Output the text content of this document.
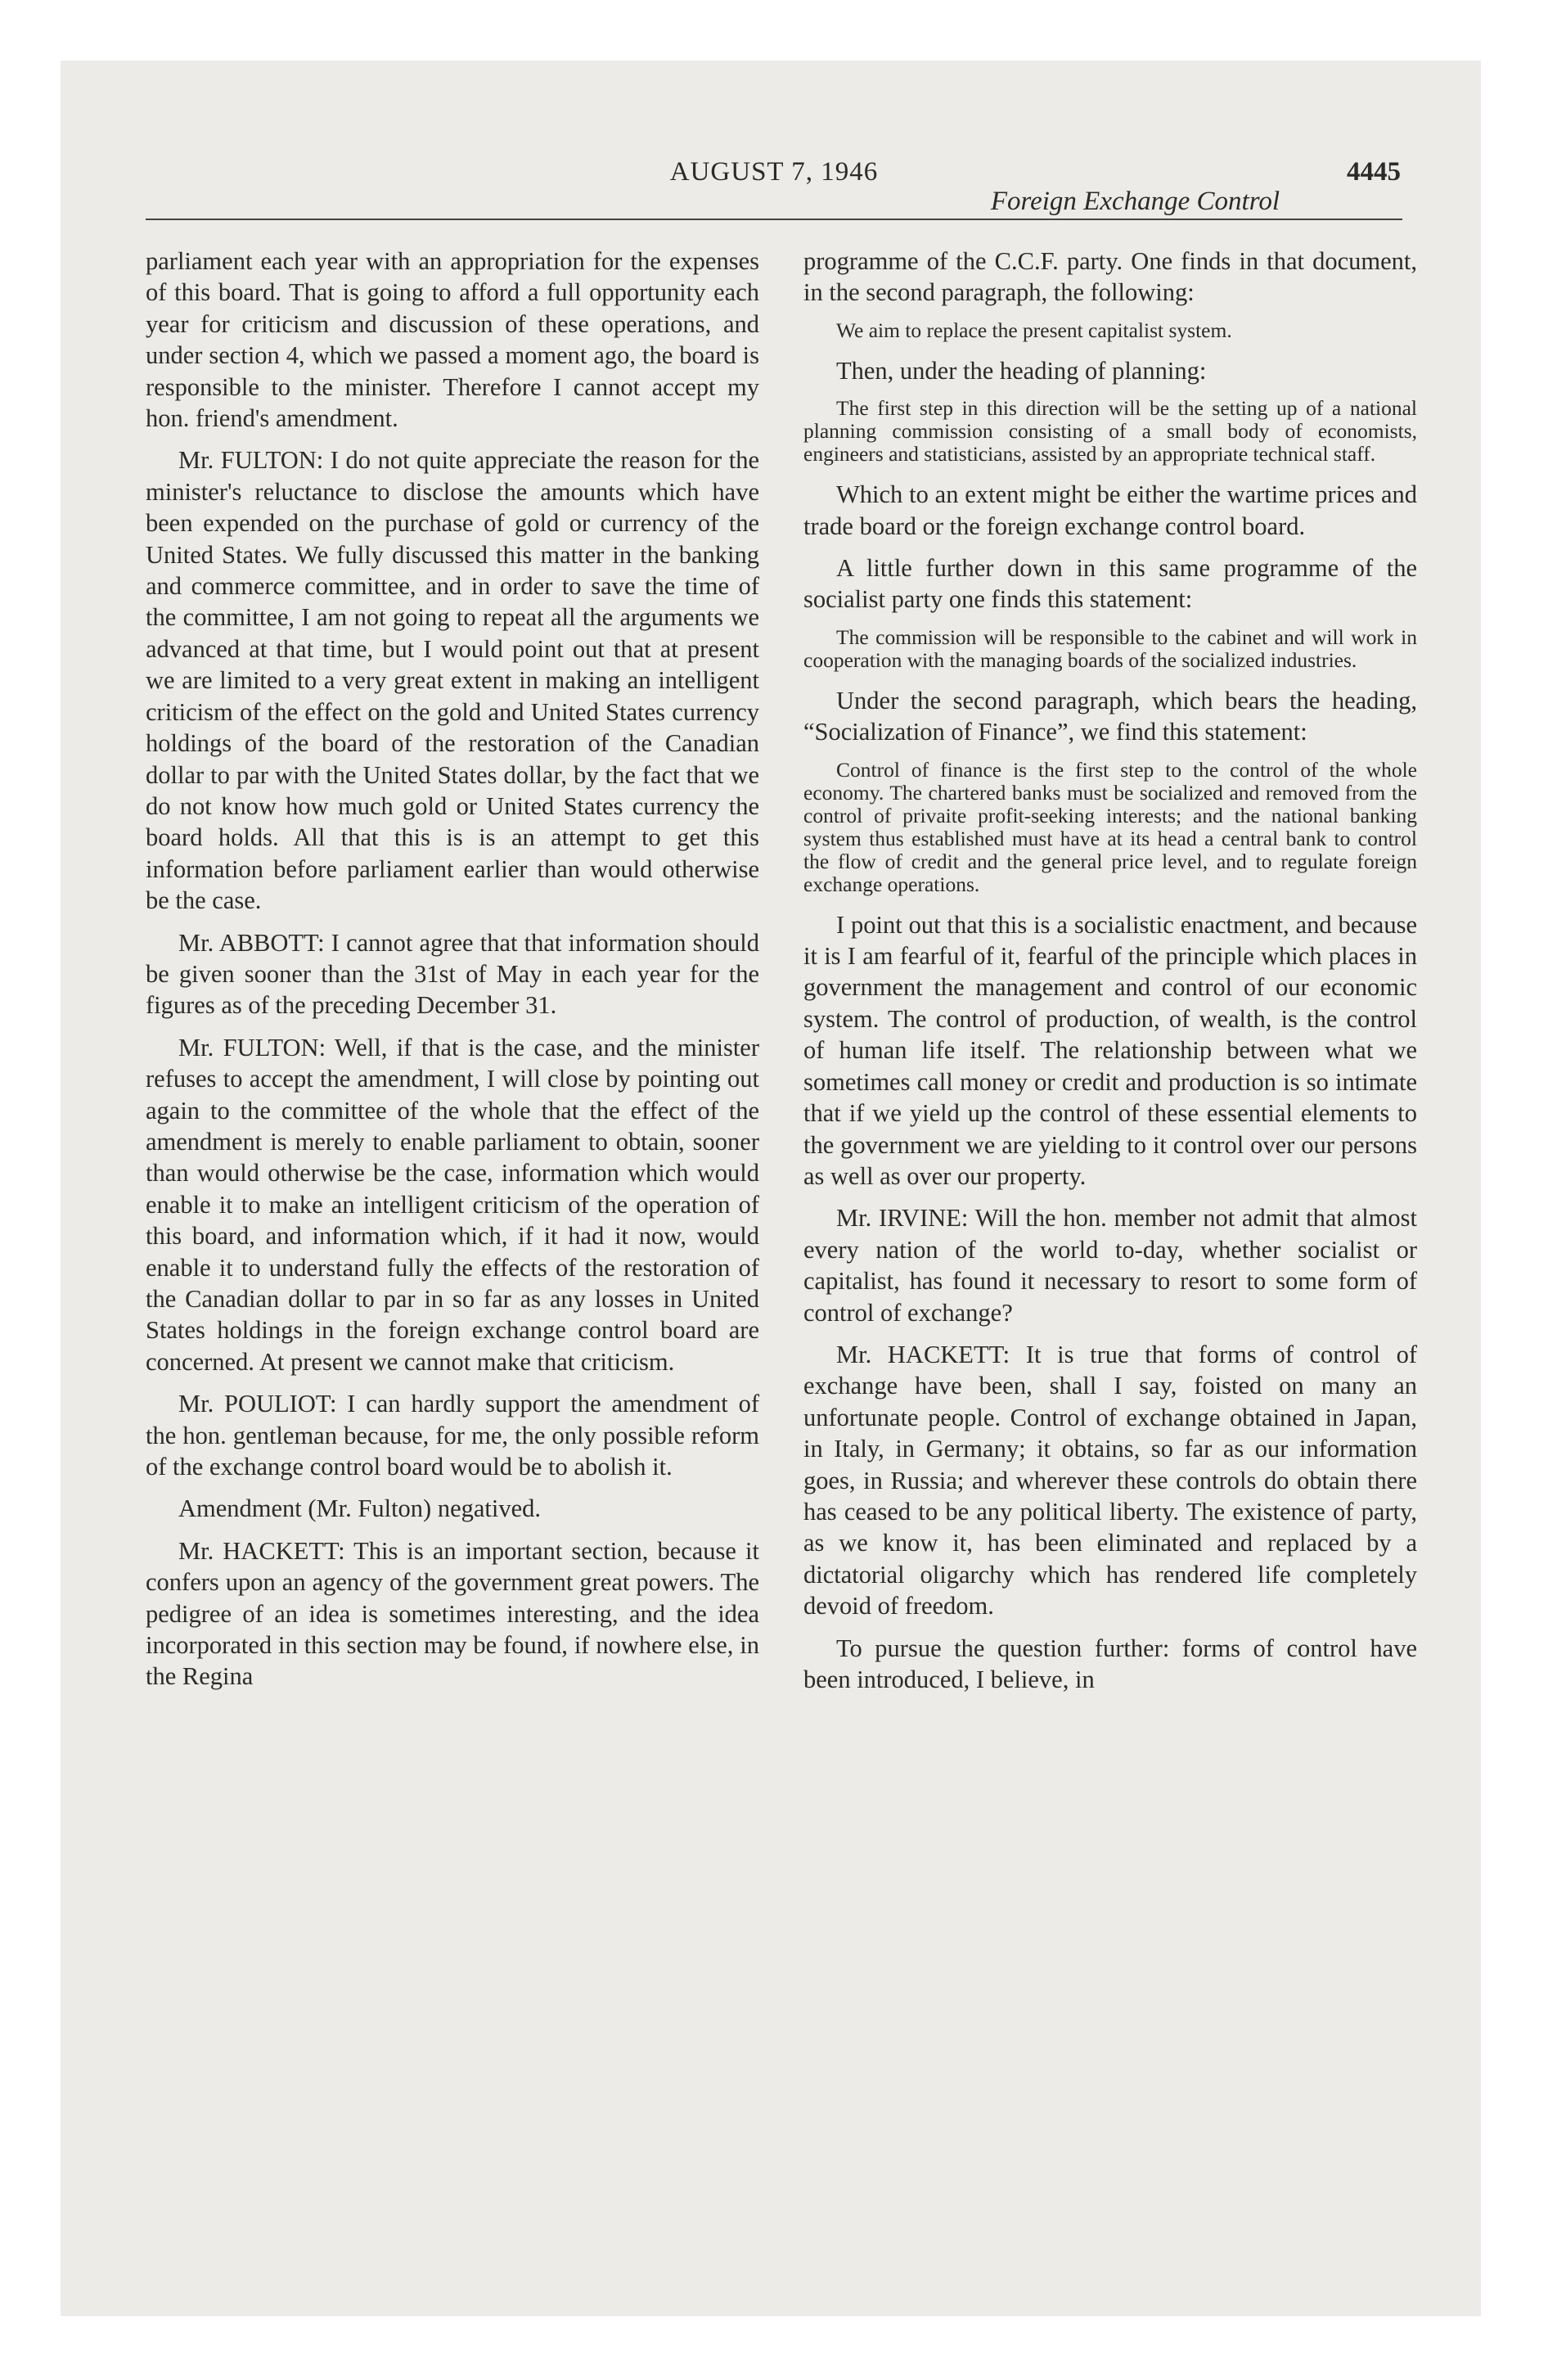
AUGUST 7, 1946	4445
Foreign Exchange Control

parliament each year with an appropriation for the expenses of this board. That is going to afford a full opportunity each year for criticism and discussion of these operations, and under section 4, which we passed a moment ago, the board is responsible to the minister. Therefore I cannot accept my hon. friend's amendment.

Mr. FULTON: I do not quite appreciate the reason for the minister's reluctance to disclose the amounts which have been expended on the purchase of gold or currency of the United States. We fully discussed this matter in the banking and commerce committee, and in order to save the time of the committee, I am not going to repeat all the arguments we advanced at that time, but I would point out that at present we are limited to a very great extent in making an intelligent criticism of the effect on the gold and United States currency holdings of the board of the restoration of the Canadian dollar to par with the United States dollar, by the fact that we do not know how much gold or United States currency the board holds. All that this is is an attempt to get this information before parliament earlier than would otherwise be the case.

Mr. ABBOTT: I cannot agree that that information should be given sooner than the 31st of May in each year for the figures as of the preceding December 31.

Mr. FULTON: Well, if that is the case, and the minister refuses to accept the amendment, I will close by pointing out again to the committee of the whole that the effect of the amendment is merely to enable parliament to obtain, sooner than would otherwise be the case, information which would enable it to make an intelligent criticism of the operation of this board, and information which, if it had it now, would enable it to understand fully the effects of the restoration of the Canadian dollar to par in so far as any losses in United States holdings in the foreign exchange control board are concerned. At present we cannot make that criticism.

Mr. POULIOT: I can hardly support the amendment of the hon. gentleman because, for me, the only possible reform of the exchange control board would be to abolish it.

Amendment (Mr. Fulton) negatived.

Mr. HACKETT: This is an important section, because it confers upon an agency of the government great powers. The pedigree of an idea is sometimes interesting, and the idea incorporated in this section may be found, if nowhere else, in the Regina

programme of the C.C.F. party. One finds in that document, in the second paragraph, the following:

We aim to replace the present capitalist system.

Then, under the heading of planning:

The first step in this direction will be the setting up of a national planning commission consisting of a small body of economists, engineers and statisticians, assisted by an appropriate technical staff.

Which to an extent might be either the wartime prices and trade board or the foreign exchange control board.

A little further down in this same programme of the socialist party one finds this statement:

The commission will be responsible to the cabinet and will work in cooperation with the managing boards of the socialized industries.

Under the second paragraph, which bears the heading, “Socialization of Finance”, we find this statement:

Control of finance is the first step to the control of the whole economy. The chartered banks must be socialized and removed from the control of privaite profit-seeking interests; and the national banking system thus established must have at its head a central bank to control the flow of credit and the general price level, and to regulate foreign exchange operations.

I point out that this is a socialistic enactment, and because it is I am fearful of it, fearful of the principle which places in government the management and control of our economic system. The control of production, of wealth, is the control of human life itself. The relationship between what we sometimes call money or credit and production is so intimate that if we yield up the control of these essential elements to the government we are yielding to it control over our persons as well as over our property.

Mr. IRVINE: Will the hon. member not admit that almost every nation of the world to-day, whether socialist or capitalist, has found it necessary to resort to some form of control of exchange?

Mr. HACKETT: It is true that forms of control of exchange have been, shall I say, foisted on many an unfortunate people. Control of exchange obtained in Japan, in Italy, in Germany; it obtains, so far as our information goes, in Russia; and wherever these controls do obtain there has ceased to be any political liberty. The existence of party, as we know it, has been eliminated and replaced by a dictatorial oligarchy which has rendered life completely devoid of freedom.

To pursue the question further: forms of control have been introduced, I believe, in
